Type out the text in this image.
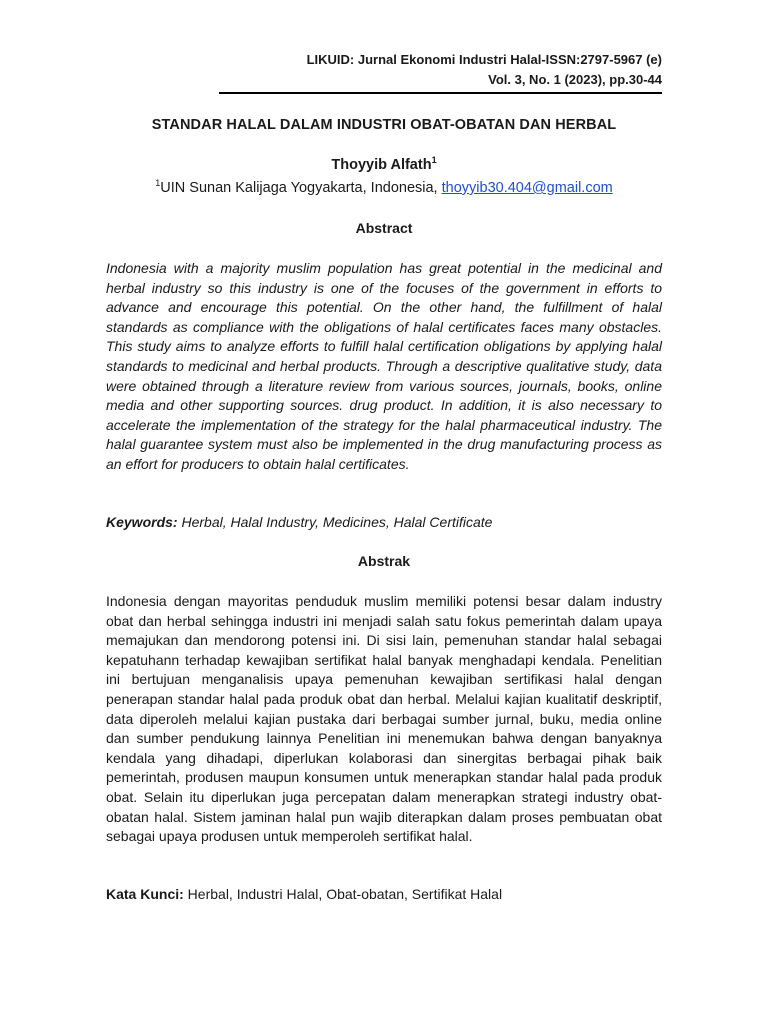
LIKUID: Jurnal Ekonomi Industri Halal-ISSN:2797-5967 (e)
Vol. 3, No. 1 (2023), pp.30-44
STANDAR HALAL DALAM INDUSTRI OBAT-OBATAN DAN HERBAL
Thoyyib Alfath$^1$
$^1$UIN Sunan Kalijaga Yogyakarta, Indonesia, thoyyib30.404@gmail.com
Abstract
Indonesia with a majority muslim population has great potential in the medicinal and herbal industry so this industry is one of the focuses of the government in efforts to advance and encourage this potential. On the other hand, the fulfillment of halal standards as compliance with the obligations of halal certificates faces many obstacles. This study aims to analyze efforts to fulfill halal certification obligations by applying halal standards to medicinal and herbal products. Through a descriptive qualitative study, data were obtained through a literature review from various sources, journals, books, online media and other supporting sources. drug product. In addition, it is also necessary to accelerate the implementation of the strategy for the halal pharmaceutical industry. The halal guarantee system must also be implemented in the drug manufacturing process as an effort for producers to obtain halal certificates.
Keywords: Herbal, Halal Industry, Medicines, Halal Certificate
Abstrak
Indonesia dengan mayoritas penduduk muslim memiliki potensi besar dalam industry obat dan herbal sehingga industri ini menjadi salah satu fokus pemerintah dalam upaya memajukan dan mendorong potensi ini. Di sisi lain, pemenuhan standar halal sebagai kepatuhann terhadap kewajiban sertifikat halal banyak menghadapi kendala. Penelitian ini bertujuan menganalisis upaya pemenuhan kewajiban sertifikasi halal dengan penerapan standar halal pada produk obat dan herbal. Melalui kajian kualitatif deskriptif, data diperoleh melalui kajian pustaka dari berbagai sumber jurnal, buku, media online dan sumber pendukung lainnya Penelitian ini menemukan bahwa dengan banyaknya kendala yang dihadapi, diperlukan kolaborasi dan sinergitas berbagai pihak baik pemerintah, produsen maupun konsumen untuk menerapkan standar halal pada produk obat. Selain itu diperlukan juga percepatan dalam menerapkan strategi industry obat-obatan halal. Sistem jaminan halal pun wajib diterapkan dalam proses pembuatan obat sebagai upaya produsen untuk memperoleh sertifikat halal.
Kata Kunci: Herbal, Industri Halal, Obat-obatan, Sertifikat Halal
